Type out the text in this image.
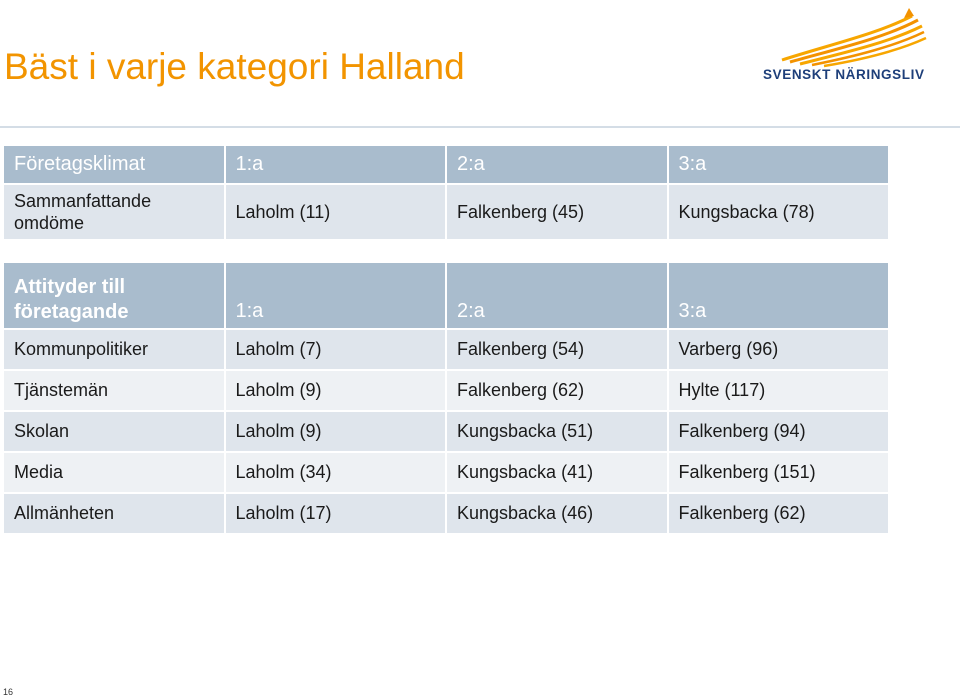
Bäst i varje kategori Halland	SVENSKT NÄRINGSLIV
Företagsklimat	1:a	2:a	3:a
Sammanfattande omdöme	Laholm (11)	Falkenberg (45)	Kungsbacka (78)
Attityder till företagande	1:a	2:a	3:a
Kommunpolitiker	Laholm (7)	Falkenberg (54)	Varberg (96)
Tjänstemän	Laholm (9)	Falkenberg (62)	Hylte (117)
Skolan	Laholm (9)	Kungsbacka (51)	Falkenberg (94)
Media	Laholm (34)	Kungsbacka (41)	Falkenberg (151)
Allmänheten	Laholm (17)	Kungsbacka (46)	Falkenberg (62)
16
